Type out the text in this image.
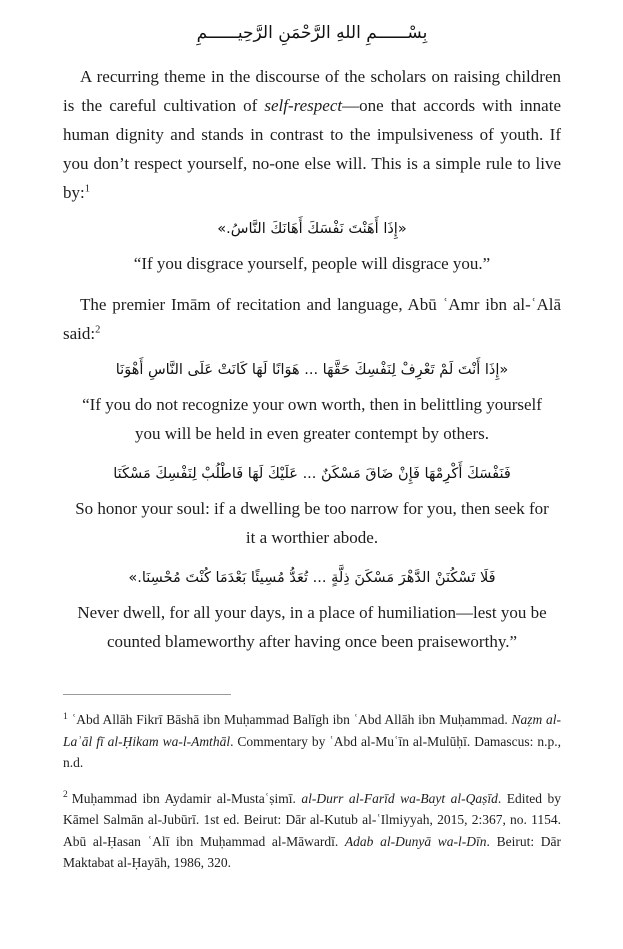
بِسْــــــمِ اللهِ الرَّحْمَنِ الرَّحِيــــــمِ

A recurring theme in the discourse of the scholars on raising children is the careful cultivation of self-respect—one that accords with innate human dignity and stands in contrast to the impulsiveness of youth. If you don’t respect yourself, no-one else will. This is a simple rule to live by:$^1$

«إِذَا أَهَنْتَ نَفْسَكَ أَهَانَكَ النَّاسُ.»
“If you disgrace yourself, people will disgrace you.”

The premier Imām of recitation and language, Abū ʿAmr ibn al-ʿAlā said:$^2$

«إِذَا أَنْتَ لَمْ تَعْرِفْ لِنَفْسِكَ حَقَّهَا ... هَوَانًا لَهَا كَانَتْ عَلَى النَّاسِ أَهْوَنَا
“If you do not recognize your own worth, then in belittling yourself you will be held in even greater contempt by others.
فَنَفْسَكَ أَكْرِمْهَا فَإِنْ ضَاقَ مَسْكَنٌ ... عَلَيْكَ لَهَا فَاطْلُبْ لِنَفْسِكَ مَسْكَنَا
So honor your soul: if a dwelling be too narrow for you, then seek for it a worthier abode.
فَلَا تَسْكُنَنْ الدَّهْرَ مَسْكَنَ ذِلَّةٍ ... تُعَدُّ مُسِيئًا بَعْدَمَا كُنْتَ مُحْسِنَا.»
Never dwell, for all your days, in a place of humiliation—lest you be counted blameworthy after having once been praiseworthy.”
$^1$ ʿAbd Allāh Fikrī Bāshā ibn Muḥammad Balīgh ibn ʿAbd Allāh ibn Muḥammad. Naẓm al-Laʾāl fī al-Ḥikam wa-l-Amthāl. Commentary by ʿAbd al-Muʿīn al-Mulūḥī. Damascus: n.p., n.d.
$^2$ Muḥammad ibn Aydamir al-Mustaʿṣimī. al-Durr al-Farīd wa-Bayt al-Qaṣīd. Edited by Kāmel Salmān al-Jubūrī. 1st ed. Beirut: Dār al-Kutub al-ʿIlmiyyah, 2015, 2:367, no. 1154. Abū al-Ḥasan ʿAlī ibn Muḥammad al-Māwardī. Adab al-Dunyā wa-l-Dīn. Beirut: Dār Maktabat al-Ḥayāh, 1986, 320.
